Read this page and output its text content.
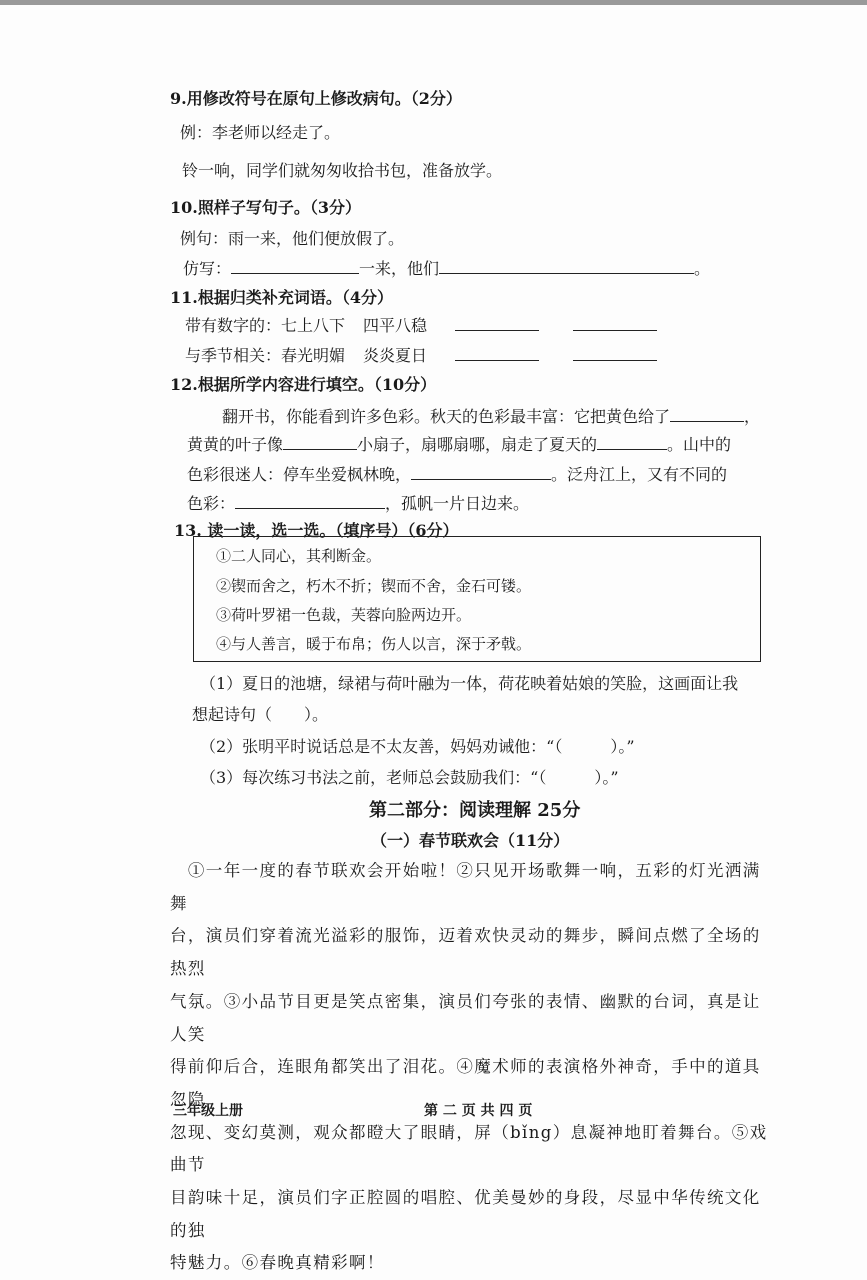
9.用修改符号在原句上修改病句。（2分）
例：李老师以经走了。
铃一响，同学们就匆匆收拾书包，准备放学。
10.照样子写句子。（3分）
例句：雨一来，他们便放假了。
仿写：	一来，他们	。
11.根据归类补充词语。（4分）
带有数字的：七上八下 四平八稳
与季节相关：春光明媚 炎炎夏日
12.根据所学内容进行填空。（10分）
翻开书，你能看到许多色彩。秋天的色彩最丰富：它把黄色给了	，
黄黄的叶子像	小扇子，扇哪扇哪，扇走了夏天的	。山中的
色彩很迷人：停车坐爱枫林晚，	。泛舟江上，又有不同的
色彩：	，孤帆一片日边来。
13. 读一读，选一选。（填序号）（6分）
①二人同心，其利断金。
②锲而舍之，朽木不折；锲而不舍，金石可镂。
③荷叶罗裙一色裁，芙蓉向脸两边开。
④与人善言，暖于布帛；伤人以言，深于矛戟。
（1）夏日的池塘，绿裙与荷叶融为一体，荷花映着姑娘的笑脸，这画面让我
想起诗句（　　）。
（2）张明平时说话总是不太友善，妈妈劝诫他：“（　　　）。”
（3）每次练习书法之前，老师总会鼓励我们：“（　　　）。”
第二部分：阅读理解 25分
（一）春节联欢会（11分）
　①一年一度的春节联欢会开始啦！②只见开场歌舞一响，五彩的灯光洒满舞
台，演员们穿着流光溢彩的服饰，迈着欢快灵动的舞步，瞬间点燃了全场的热烈
气氛。③小品节目更是笑点密集，演员们夸张的表情、幽默的台词，真是让人笑
得前仰后合，连眼角都笑出了泪花。④魔术师的表演格外神奇，手中的道具忽隐
忽现、变幻莫测，观众都瞪大了眼睛，屏（bǐng）息凝神地盯着舞台。⑤戏曲节
目韵味十足，演员们字正腔圆的唱腔、优美曼妙的身段，尽显中华传统文化的独
特魅力。⑥春晚真精彩啊！
三年级上册	第 二 页 共 四 页
